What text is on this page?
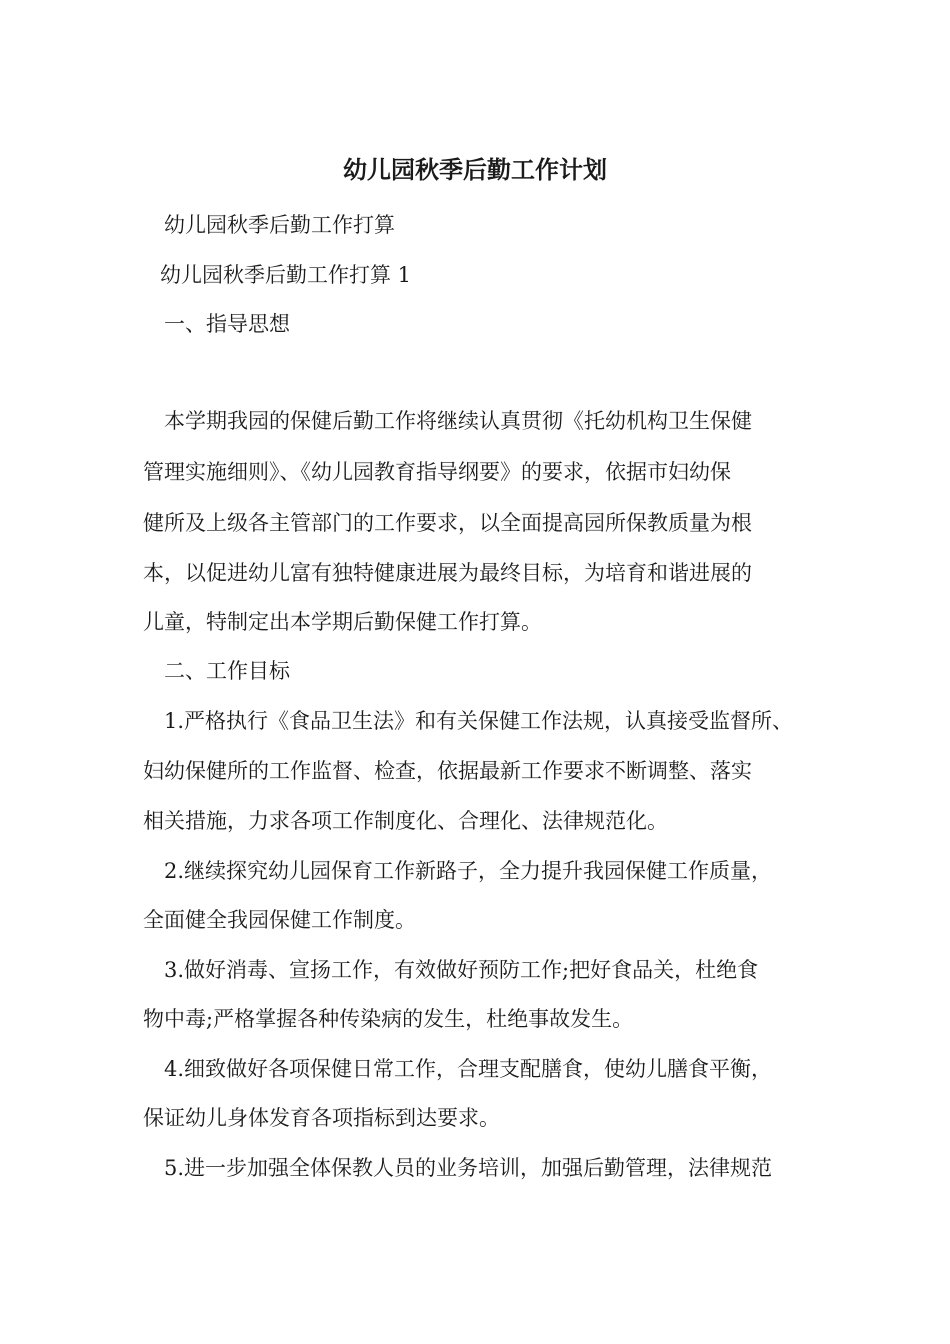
幼儿园秋季后勤工作计划

幼儿园秋季后勤工作打算

幼儿园秋季后勤工作打算 1

一、指导思想

本学期我园的保健后勤工作将继续认真贯彻《托幼机构卫生保健

管理实施细则》、《幼儿园教育指导纲要》的要求，依据市妇幼保

健所及上级各主管部门的工作要求，以全面提高园所保教质量为根

本，以促进幼儿富有独特健康进展为最终目标，为培育和谐进展的

儿童，特制定出本学期后勤保健工作打算。

二、工作目标

1.严格执行《食品卫生法》和有关保健工作法规，认真接受监督所、

妇幼保健所的工作监督、检查，依据最新工作要求不断调整、落实

相关措施，力求各项工作制度化、合理化、法律规范化。

2.继续探究幼儿园保育工作新路子，全力提升我园保健工作质量，

全面健全我园保健工作制度。

3.做好消毒、宣扬工作，有效做好预防工作;把好食品关，杜绝食

物中毒;严格掌握各种传染病的发生，杜绝事故发生。

4.细致做好各项保健日常工作，合理支配膳食，使幼儿膳食平衡，

保证幼儿身体发育各项指标到达要求。

5.进一步加强全体保教人员的业务培训，加强后勤管理，法律规范
